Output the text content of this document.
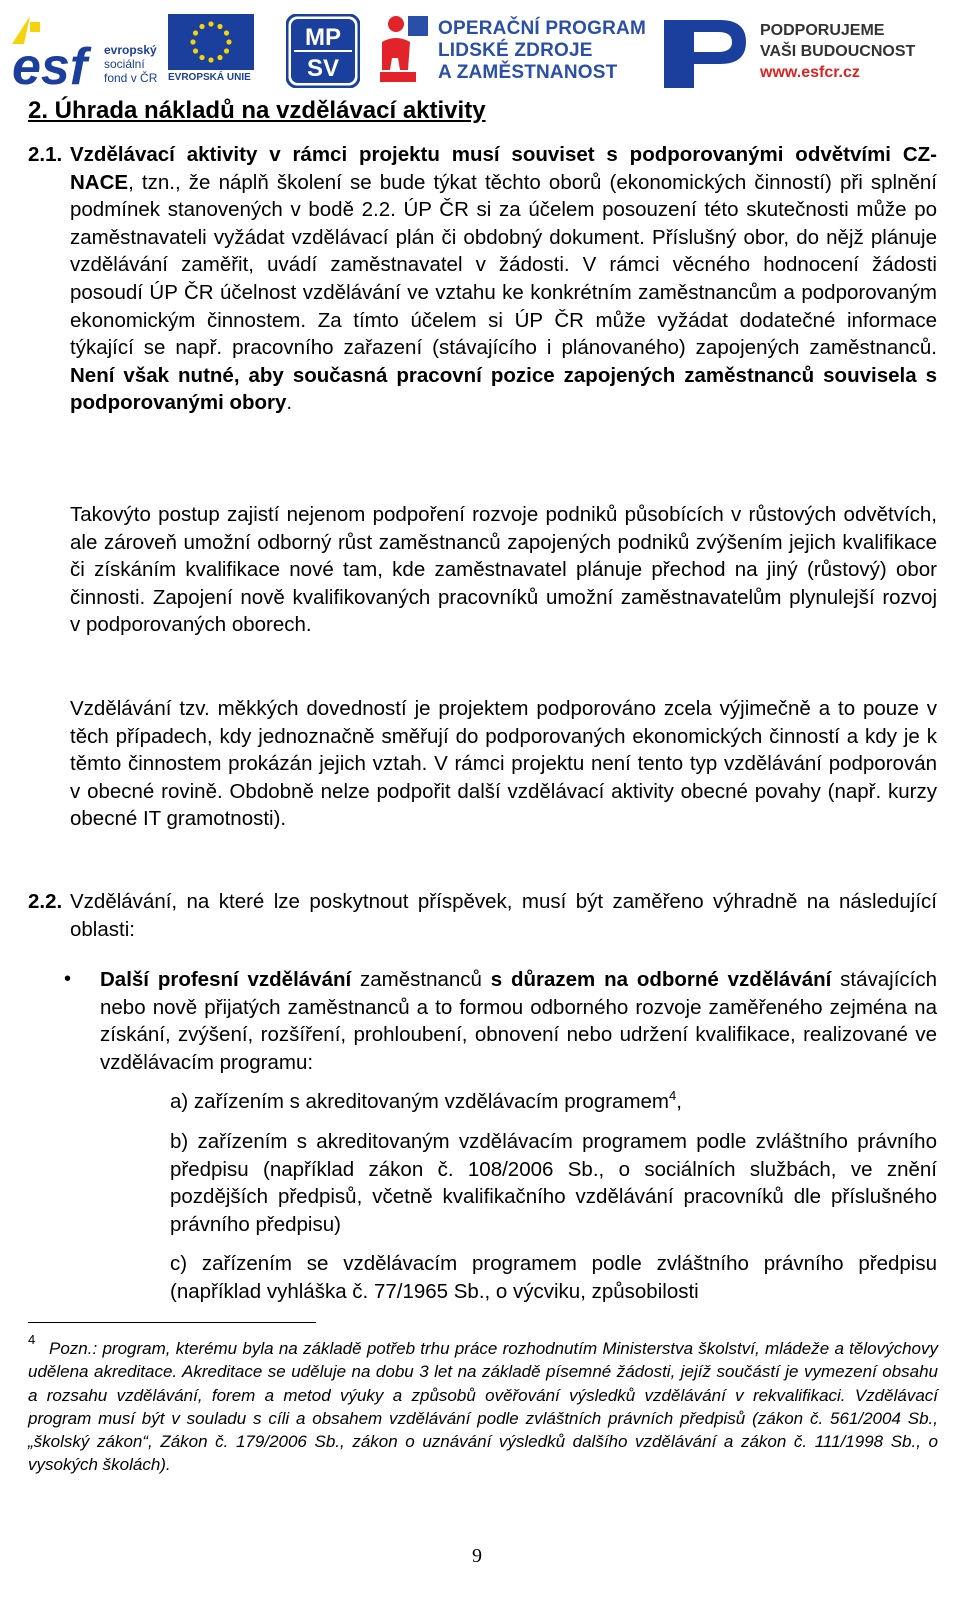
esf	evropský
sociální
fond v ČR EVROPSKÁ UNIE
MP
SV
OPERAČNÍ PROGRAM
LIDSKÉ ZDROJE
A ZAMĚSTNANOST
PODPORUJEME
VAŠI BUDOUCNOST
www.esfcr.cz
2. Úhrada nákladů na vzdělávací aktivity
2.1. Vzdělávací aktivity v rámci projektu musí souviset s podporovanými odvětvími CZ-NACE, tzn., že náplň školení se bude týkat těchto oborů (ekonomických činností) při splnění podmínek stanovených v bodě 2.2. ÚP ČR si za účelem posouzení této skutečnosti může po zaměstnavateli vyžádat vzdělávací plán či obdobný dokument. Příslušný obor, do nějž plánuje vzdělávání zaměřit, uvádí zaměstnavatel v žádosti. V rámci věcného hodnocení žádosti posoudí ÚP ČR účelnost vzdělávání ve vztahu ke konkrétním zaměstnancům a podporovaným ekonomickým činnostem. Za tímto účelem si ÚP ČR může vyžádat dodatečné informace týkající se např. pracovního zařazení (stávajícího i plánovaného) zapojených zaměstnanců. Není však nutné, aby současná pracovní pozice zapojených zaměstnanců souvisela s podporovanými obory.
Takovýto postup zajistí nejenom podpoření rozvoje podniků působících v růstových odvětvích, ale zároveň umožní odborný růst zaměstnanců zapojených podniků zvýšením jejich kvalifikace či získáním kvalifikace nové tam, kde zaměstnavatel plánuje přechod na jiný (růstový) obor činnosti. Zapojení nově kvalifikovaných pracovníků umožní zaměstnavatelům plynulejší rozvoj v podporovaných oborech.
Vzdělávání tzv. měkkých dovedností je projektem podporováno zcela výjimečně a to pouze v těch případech, kdy jednoznačně směřují do podporovaných ekonomických činností a kdy je k těmto činnostem prokázán jejich vztah. V rámci projektu není tento typ vzdělávání podporován v obecné rovině. Obdobně nelze podpořit další vzdělávací aktivity obecné povahy (např. kurzy obecné IT gramotnosti).
2.2. Vzdělávání, na které lze poskytnout příspěvek, musí být zaměřeno výhradně na následující oblasti:
• Další profesní vzdělávání zaměstnanců s důrazem na odborné vzdělávání stávajících nebo nově přijatých zaměstnanců a to formou odborného rozvoje zaměřeného zejména na získání, zvýšení, rozšíření, prohloubení, obnovení nebo udržení kvalifikace, realizované ve vzdělávacím programu:
a) zařízením s akreditovaným vzdělávacím programem$^4$,
b) zařízením s akreditovaným vzdělávacím programem podle zvláštního právního předpisu (například zákon č. 108/2006 Sb., o sociálních službách, ve znění pozdějších předpisů, včetně kvalifikačního vzdělávání pracovníků dle příslušného právního předpisu)
c) zařízením se vzdělávacím programem podle zvláštního právního předpisu (například vyhláška č. 77/1965 Sb., o výcviku, způsobilosti
4 Pozn.: program, kterému byla na základě potřeb trhu práce rozhodnutím Ministerstva školství, mládeže a tělovýchovy udělena akreditace. Akreditace se uděluje na dobu 3 let na základě písemné žádosti, jejíž součástí je vymezení obsahu a rozsahu vzdělávání, forem a metod výuky a způsobů ověřování výsledků vzdělávání v rekvalifikaci. Vzdělávací program musí být v souladu s cíli a obsahem vzdělávání podle zvláštních právních předpisů (zákon č. 561/2004 Sb., „školský zákon“, Zákon č. 179/2006 Sb., zákon o uznávání výsledků dalšího vzdělávání a zákon č. 111/1998 Sb., o vysokých školách).
9
